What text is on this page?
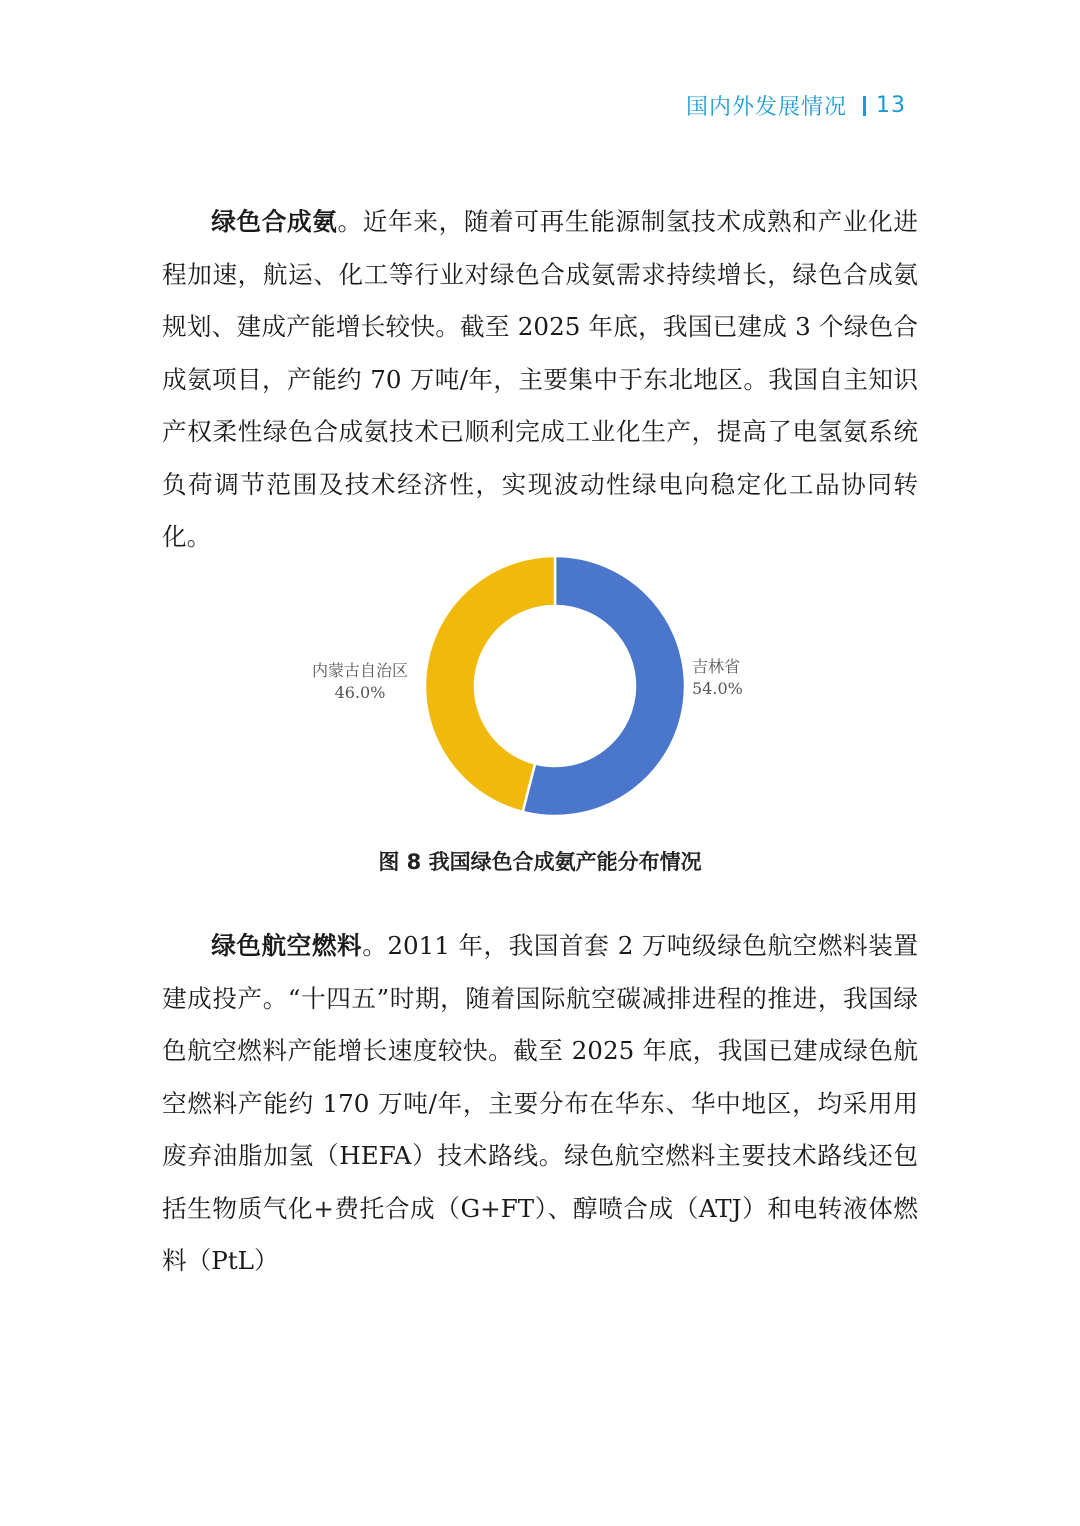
国内外发展情况 13

绿色合成氨。近年来，随着可再生能源制氢技术成熟和产业化进程加速，航运、化工等行业对绿色合成氨需求持续增长，绿色合成氨规划、建成产能增长较快。截至 2025 年底，我国已建成 3 个绿色合成氨项目，产能约 70 万吨/年，主要集中于东北地区。我国自主知识产权柔性绿色合成氨技术已顺利完成工业化生产，提高了电氢氨系统负荷调节范围及技术经济性，实现波动性绿电向稳定化工品协同转化。

吉林省
54.0%
内蒙古自治区
46.0%
图 8 我国绿色合成氨产能分布情况

绿色航空燃料。2011 年，我国首套 2 万吨级绿色航空燃料装置建成投产。“十四五”时期，随着国际航空碳减排进程的推进，我国绿色航空燃料产能增长速度较快。截至 2025 年底，我国已建成绿色航空燃料产能约 170 万吨/年，主要分布在华东、华中地区，均采用用废弃油脂加氢（HEFA）技术路线。绿色航空燃料主要技术路线还包括生物质气化+费托合成（G+FT）、醇喷合成（ATJ）和电转液体燃料（PtL）
